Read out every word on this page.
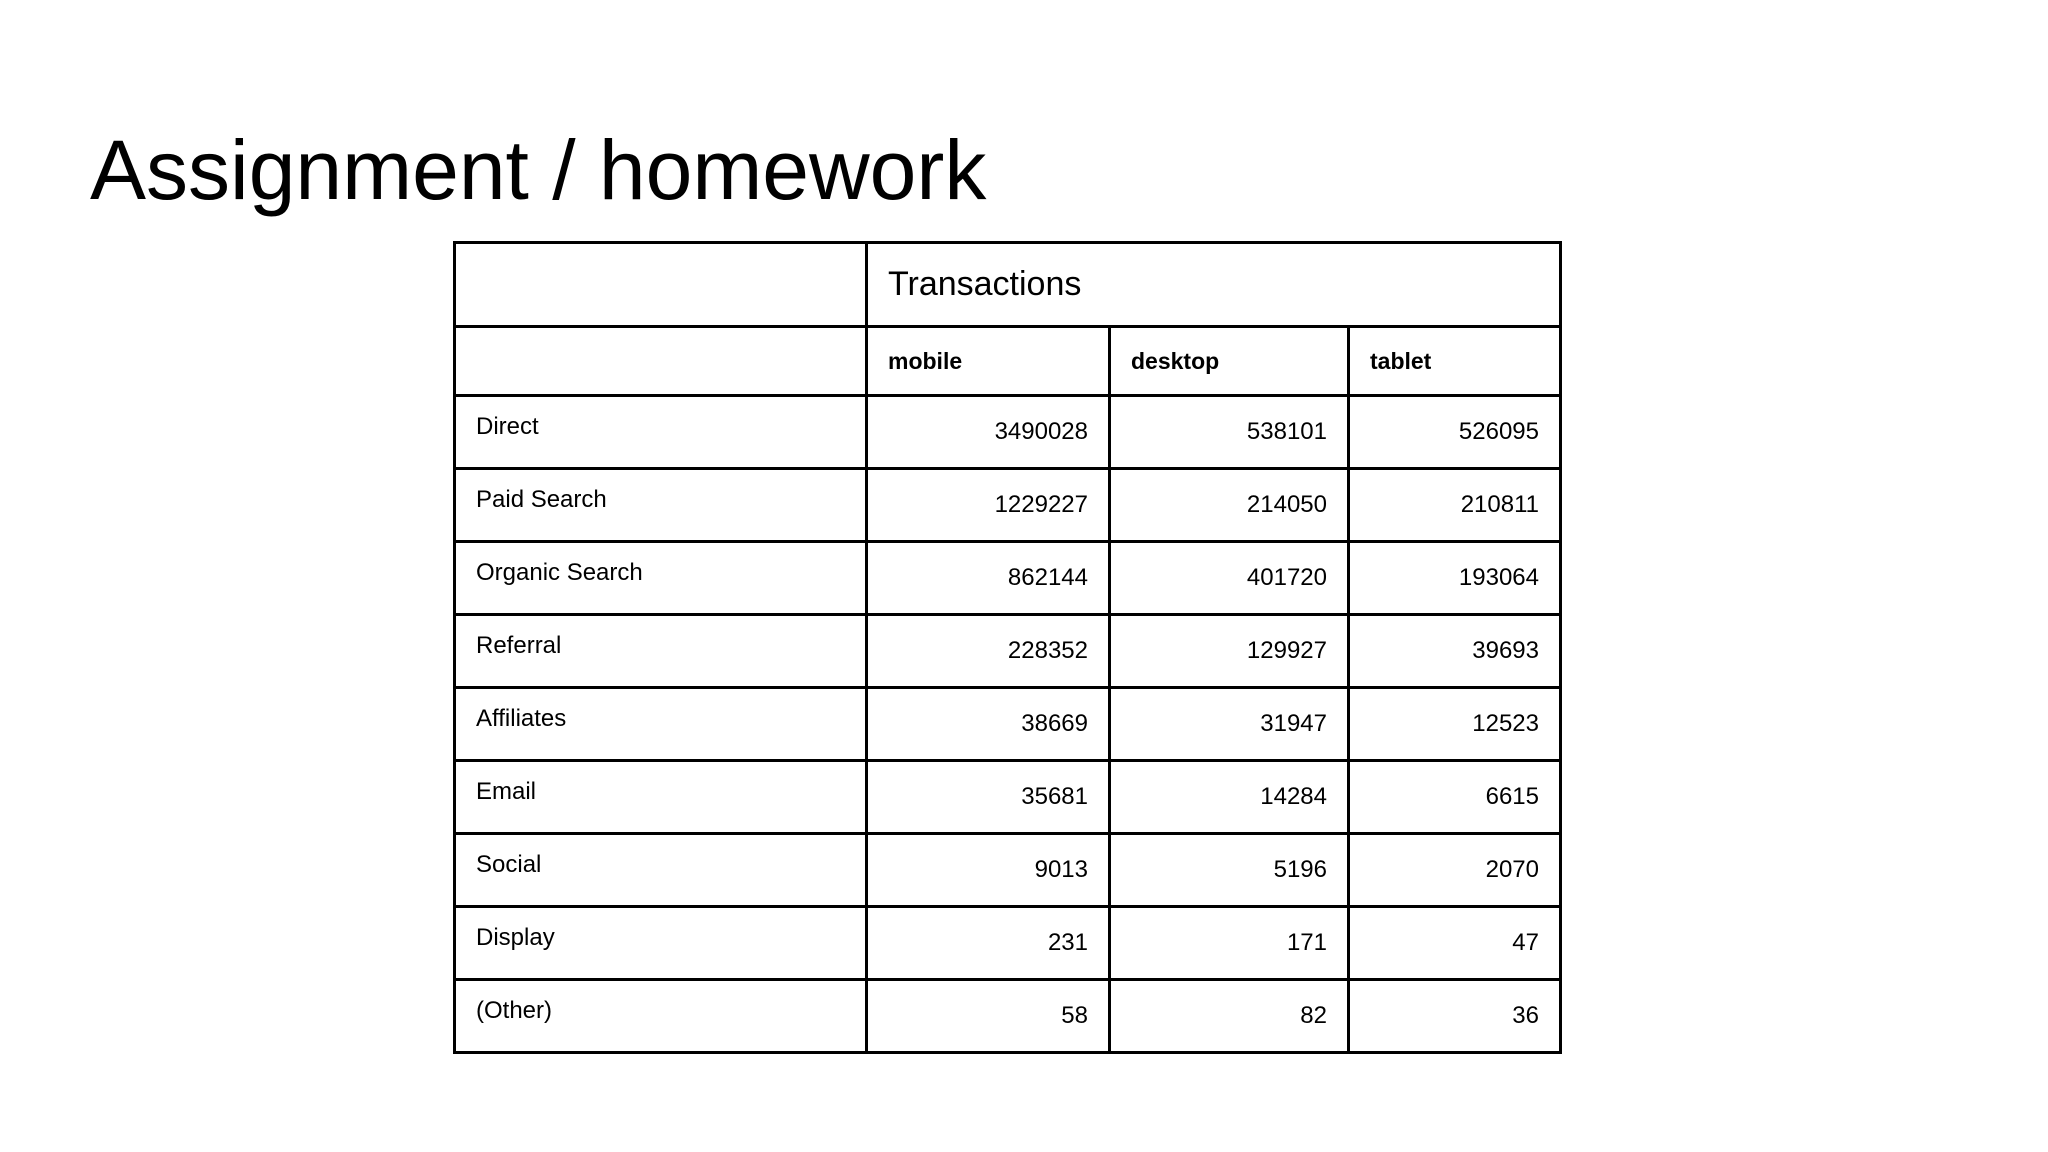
Assignment / homework
	Transactions		
	mobile	desktop	tablet
Direct	3490028	538101	526095
Paid Search	1229227	214050	210811
Organic Search	862144	401720	193064
Referral	228352	129927	39693
Affiliates	38669	31947	12523
Email	35681	14284	6615
Social	9013	5196	2070
Display	231	171	47
(Other)	58	82	36
